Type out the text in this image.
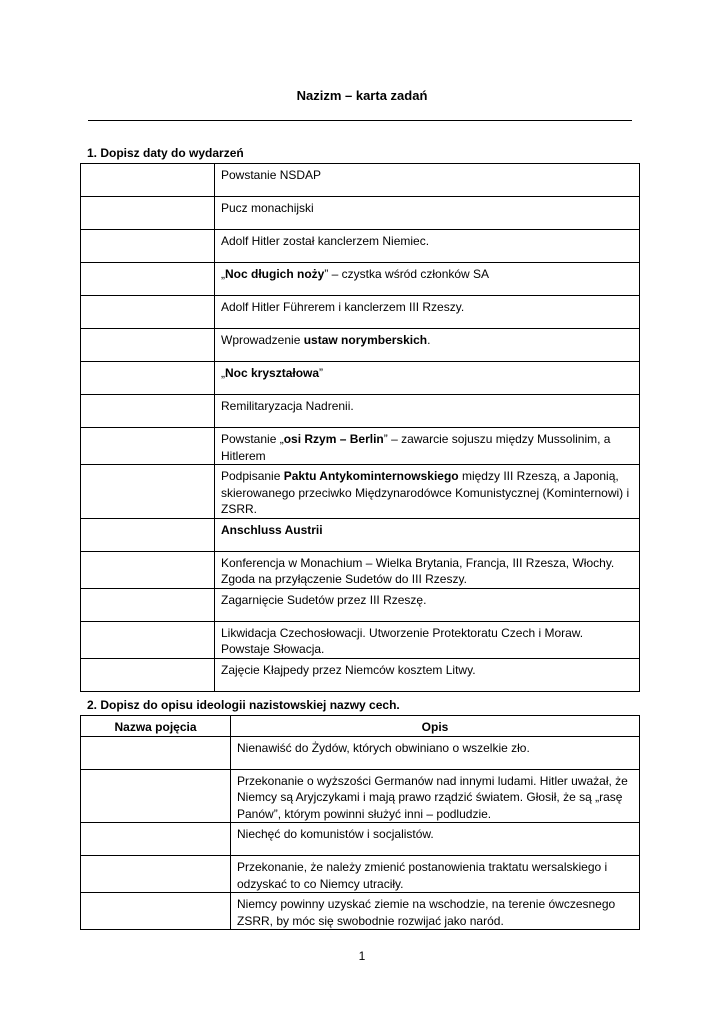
Nazizm – karta zadań
1. Dopisz daty do wydarzeń
	Powstanie NSDAP
	Pucz monachijski
	Adolf Hitler został kanclerzem Niemiec.
	„Noc długich noży” – czystka wśród członków SA
	Adolf Hitler Führerem i kanclerzem III Rzeszy.
	Wprowadzenie ustaw norymberskich.
	„Noc kryształowa”
	Remilitaryzacja Nadrenii.
	Powstanie „osi Rzym – Berlin” – zawarcie sojuszu między Mussolinim, a Hitlerem
	Podpisanie Paktu Antykominternowskiego między III Rzeszą, a Japonią, skierowanego przeciwko Międzynarodówce Komunistycznej (Kominternowi) i ZSRR.
	Anschluss Austrii
	Konferencja w Monachium – Wielka Brytania, Francja, III Rzesza, Włochy. Zgoda na przyłączenie Sudetów do III Rzeszy.
	Zagarnięcie Sudetów przez III Rzeszę.
	Likwidacja Czechosłowacji. Utworzenie Protektoratu Czech i Moraw. Powstaje Słowacja.
	Zajęcie Kłajpedy przez Niemców kosztem Litwy.
2. Dopisz do opisu ideologii nazistowskiej nazwy cech.
Nazwa pojęcia	Opis
	Nienawiść do Żydów, których obwiniano o wszelkie zło.
	Przekonanie o wyższości Germanów nad innymi ludami. Hitler uważał, że Niemcy są Aryjczykami i mają prawo rządzić światem. Głosił, że są „rasę Panów”, którym powinni służyć inni – podludzie.
	Niechęć do komunistów i socjalistów.
	Przekonanie, że należy zmienić postanowienia traktatu wersalskiego i odzyskać to co Niemcy utraciły.
	Niemcy powinny uzyskać ziemie na wschodzie, na terenie ówczesnego ZSRR, by móc się swobodnie rozwijać jako naród.
1
